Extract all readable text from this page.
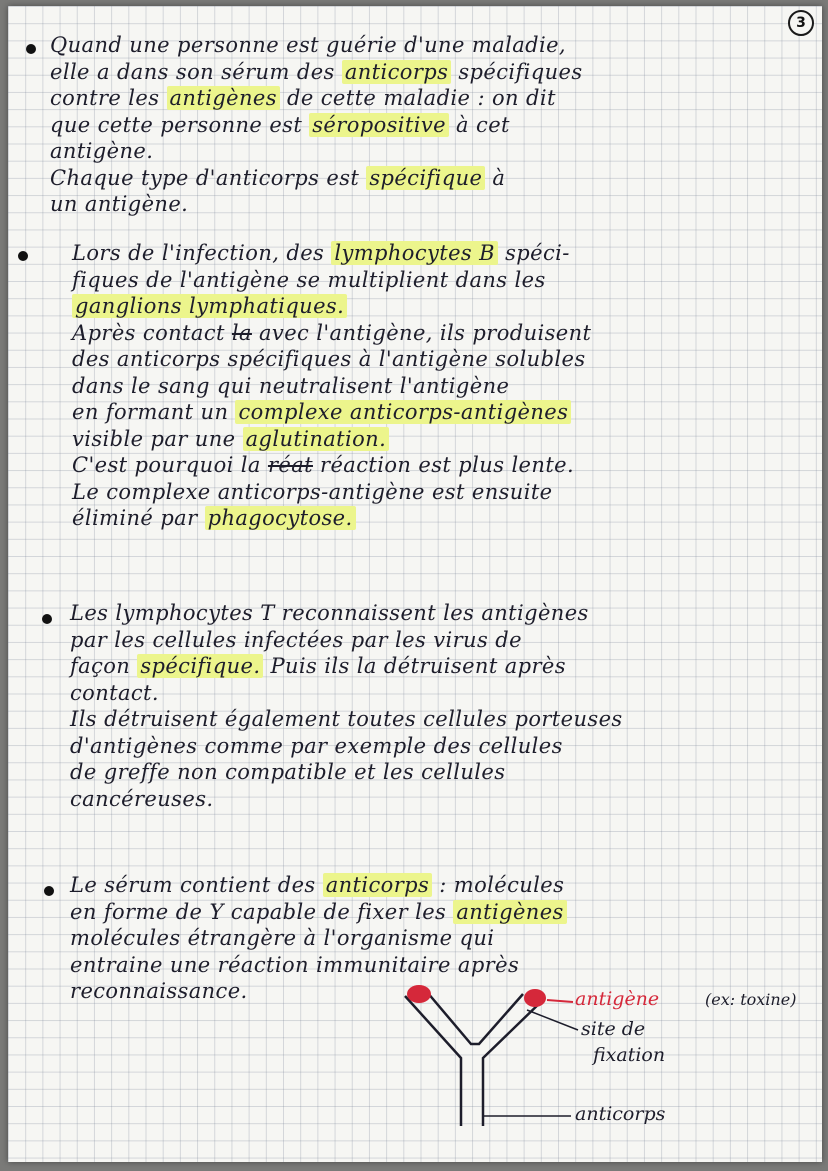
3

Quand une personne est guérie d'une maladie,

elle a dans son sérum des anticorps spécifiques

contre les antigènes de cette maladie : on dit

que cette personne est séropositive à cet

antigène.

Chaque type d'anticorps est spécifique à

un antigène.

Lors de l'infection, des lymphocytes B spéci-

fiques de l'antigène se multiplient dans les

ganglions lymphatiques.

Après contact la avec l'antigène, ils produisent

des anticorps spécifiques à l'antigène solubles

dans le sang qui neutralisent l'antigène

en formant un complexe anticorps-antigènes

visible par une aglutination.

C'est pourquoi la réat réaction est plus lente.

Le complexe anticorps-antigène est ensuite

éliminé par phagocytose.

Les lymphocytes T reconnaissent les antigènes

par les cellules infectées par les virus de

façon spécifique. Puis ils la détruisent après

contact.

Ils détruisent également toutes cellules porteuses

d'antigènes comme par exemple des cellules

de greffe non compatible et les cellules

cancéreuses.

Le sérum contient des anticorps : molécules

en forme de Y capable de fixer les antigènes

molécules étrangère à l'organisme qui

entraine une réaction immunitaire après

reconnaissance.	antigène	(ex: toxine)

site de

fixation

anticorps
